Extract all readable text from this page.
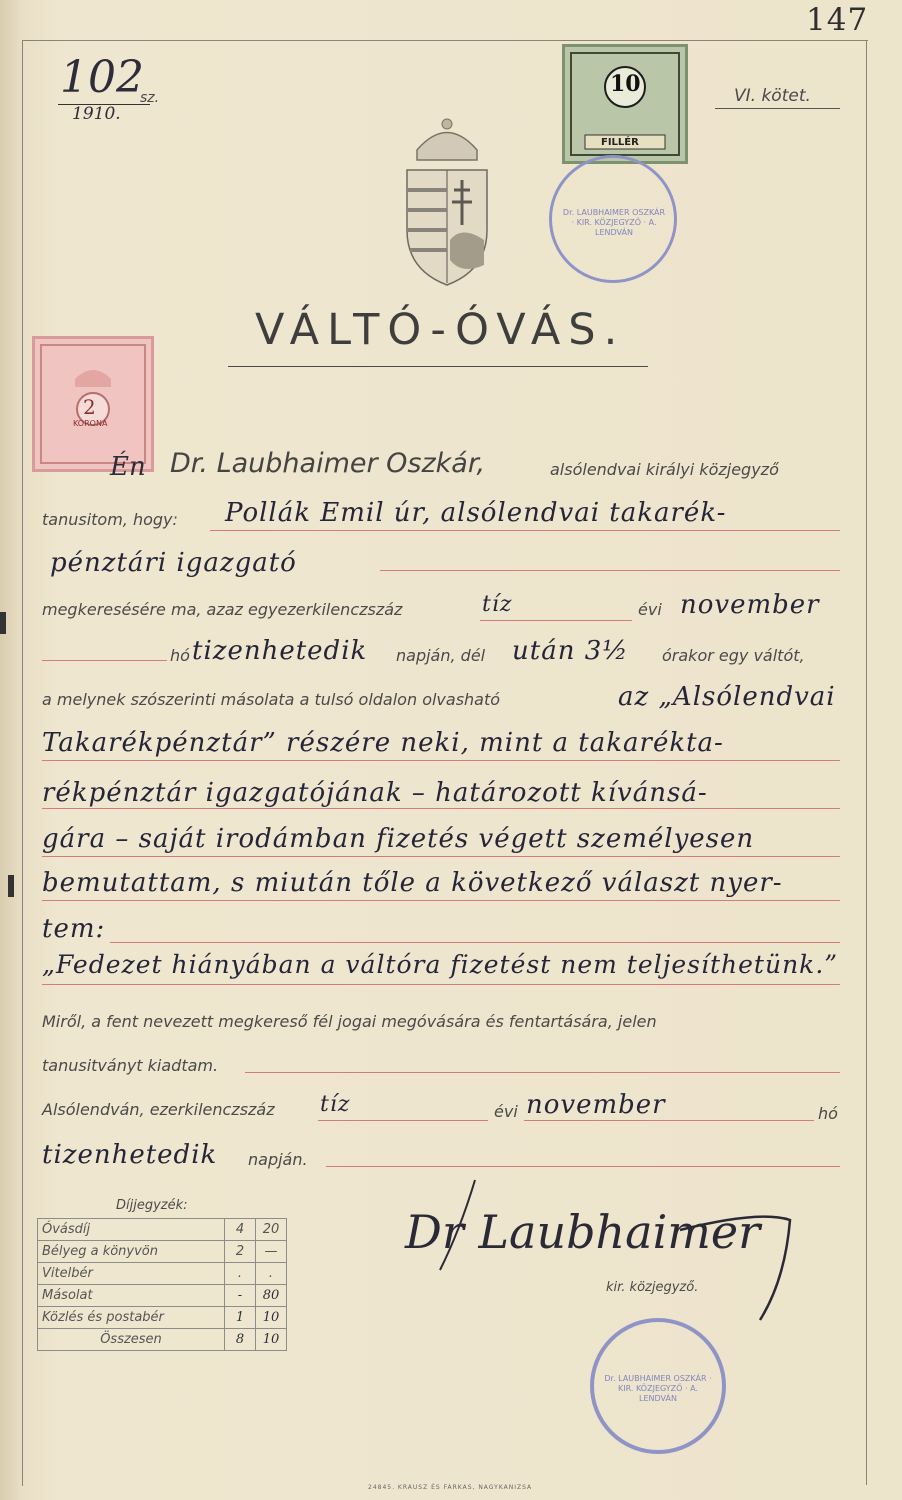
147
102
sz.
1910.
VI. kötet.
10
FILLÉR
Dr. LAUBHAIMER OSZKÁR · KIR. KÖZJEGYZŐ · A. LENDVÁN
VÁLTÓ-ÓVÁS.
2
KORONA
Én Dr. Laubhaimer Oszkár,	alsólendvai királyi közjegyző
tanusitom, hogy: Pollák Emil úr, alsólendvai takarék-
pénztári igazgató
megkeresésére ma, azaz egyezerkilenczszáz	tíz	évi november
hó tizenhetedik napján, dél után 3½ órakor egy váltót,
a melynek szószerinti másolata a tulsó oldalon olvasható	az „Alsólendvai
Takarékpénztár” részére neki, mint a takarékta-
rékpénztár igazgatójának – határozott kívánsá-
gára – saját irodámban fizetés végett személyesen
bemutattam, s miután tőle a következő választ nyer-
tem:
„Fedezet hiányában a váltóra fizetést nem teljesíthetünk.”
Miről, a fent nevezett megkereső fél jogai megóvására és fentartására, jelen
tanusitványt kiadtam.
Alsólendván, ezerkilenczszáz tíz	évi november	hó
tizenhetedik napján.
Díjjegyzék:
Óvásdíj	4	20
Bélyeg a könyvön	2	—
Vitelbér	.	.
Másolat	-	80
Közlés és postabér	1	10
Összesen	8	10
Dr Laubhaimer
kir. közjegyző.
Dr. LAUBHAIMER OSZKÁR · KIR. KÖZJEGYZŐ · A. LENDVÁN
24845. KRAUSZ ÉS FARKAS, NAGYKANIZSA
